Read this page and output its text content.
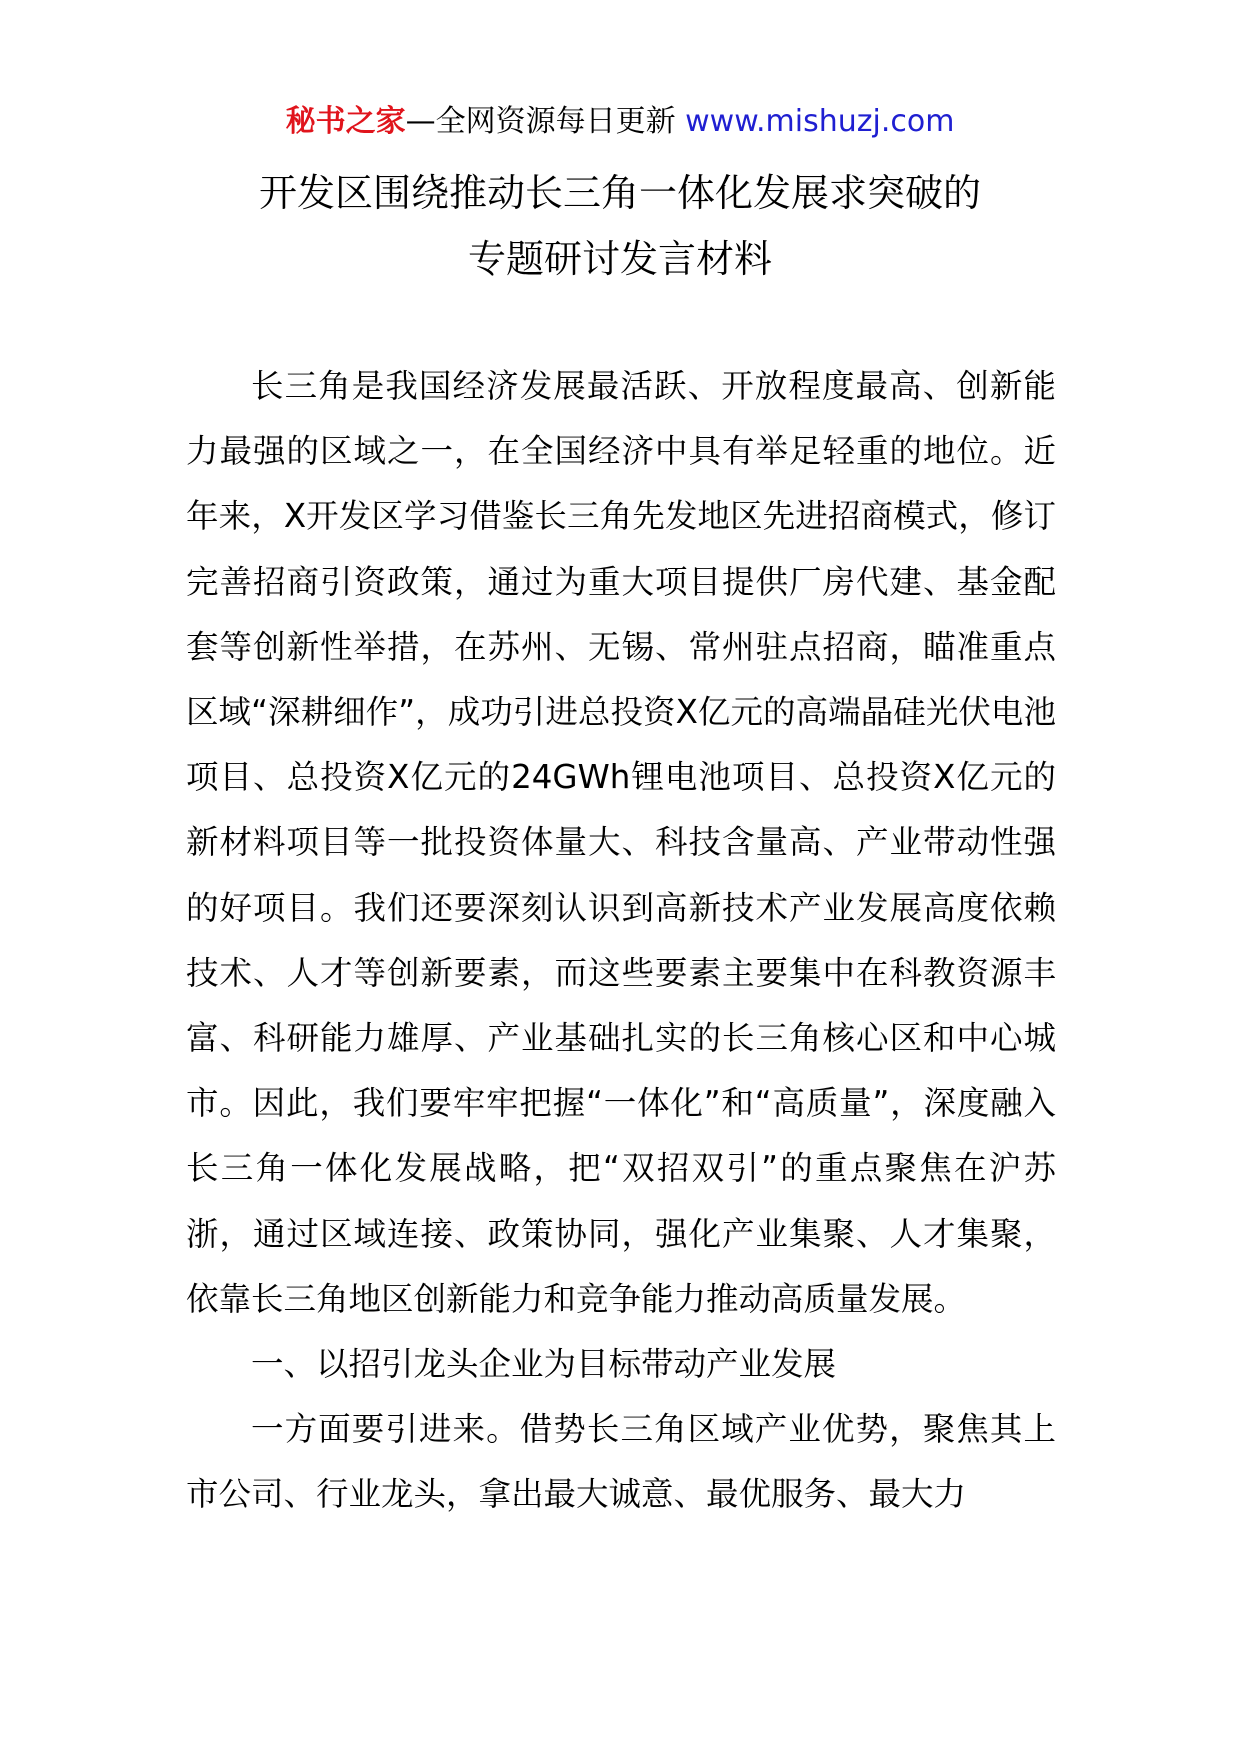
秘书之家—全网资源每日更新 www.mishuzj.com
开发区围绕推动长三角一体化发展求突破的
专题研讨发言材料

长三角是我国经济发展最活跃、开放程度最高、创新能力最强的区域之一，在全国经济中具有举足轻重的地位。近年来，X开发区学习借鉴长三角先发地区先进招商模式，修订完善招商引资政策，通过为重大项目提供厂房代建、基金配套等创新性举措，在苏州、无锡、常州驻点招商，瞄准重点区域“深耕细作”，成功引进总投资X亿元的高端晶硅光伏电池项目、总投资X亿元的24GWh锂电池项目、总投资X亿元的新材料项目等一批投资体量大、科技含量高、产业带动性强的好项目。我们还要深刻认识到高新技术产业发展高度依赖技术、人才等创新要素，而这些要素主要集中在科教资源丰富、科研能力雄厚、产业基础扎实的长三角核心区和中心城市。因此，我们要牢牢把握“一体化”和“高质量”，深度融入长三角一体化发展战略，把“双招双引”的重点聚焦在沪苏浙，通过区域连接、政策协同，强化产业集聚、人才集聚，依靠长三角地区创新能力和竞争能力推动高质量发展。

一、以招引龙头企业为目标带动产业发展

一方面要引进来。借势长三角区域产业优势，聚焦其上市公司、行业龙头，拿出最大诚意、最优服务、最大力
